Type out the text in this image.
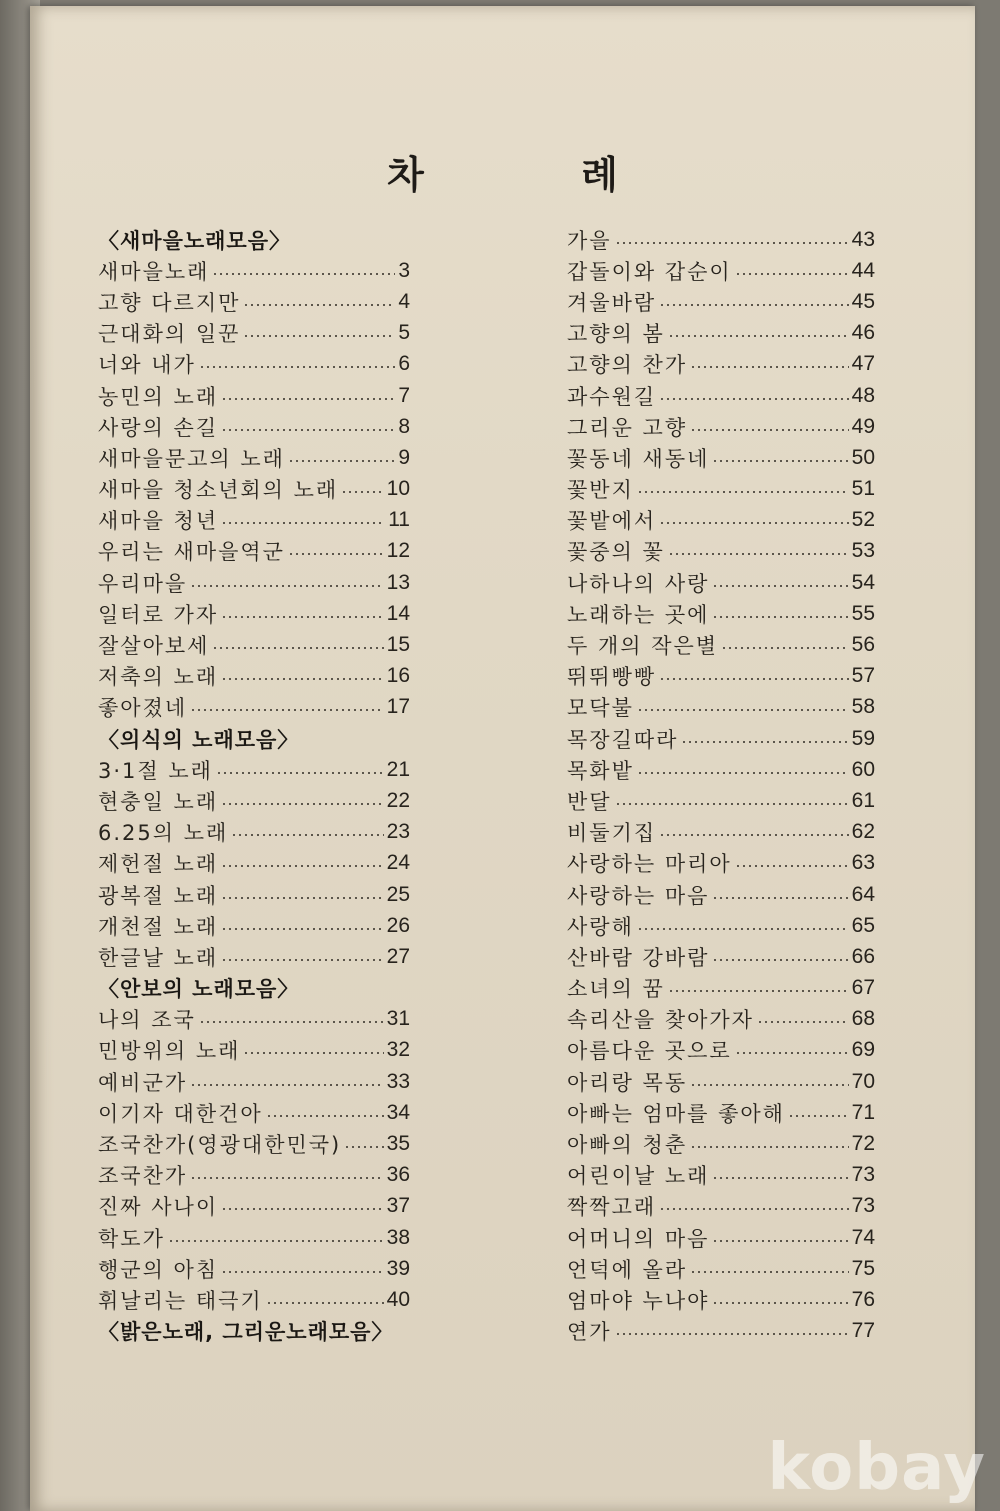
차 례
〈새마을노래모음〉
새마을노래	3
고향 다르지만	4
근대화의 일꾼	5
너와 내가	6
농민의 노래	7
사랑의 손길	8
새마을문고의 노래	9
새마을 청소년회의 노래 10
새마을 청년	11
우리는 새마을역군	12
우리마을	13
일터로 가자	14
잘살아보세	15
저축의 노래	16
좋아졌네	17
〈의식의 노래모음〉
3·1절 노래	21
현충일 노래	22
6.25의 노래	23
제헌절 노래	24
광복절 노래	25
개천절 노래	26
한글날 노래	27
〈안보의 노래모음〉
나의 조국	31
민방위의 노래	32
예비군가	33
이기자 대한건아	34
조국찬가(영광대한민국) 35
조국찬가	36
진짜 사나이	37
학도가	38
행군의 아침	39
휘날리는 태극기	40
〈밝은노래, 그리운노래모음〉
가을	43
갑돌이와 갑순이	44
겨울바람	45
고향의 봄	46
고향의 찬가	47
과수원길	48
그리운 고향	49
꽃동네 새동네	50
꽃반지	51
꽃밭에서	52
꽃중의 꽃	53
나하나의 사랑	54
노래하는 곳에	55
두 개의 작은별	56
뛰뛰빵빵	57
모닥불	58
목장길따라	59
목화밭	60
반달	61
비둘기집	62
사랑하는 마리아	63
사랑하는 마음	64
사랑해	65
산바람 강바람	66
소녀의 꿈	67
속리산을 찾아가자	68
아름다운 곳으로	69
아리랑 목동	70
아빠는 엄마를 좋아해	71
아빠의 청춘	72
어린이날 노래	73
짝짝고래	73
어머니의 마음	74
언덕에 올라	75
엄마야 누나야	76
연가	77
kobay
